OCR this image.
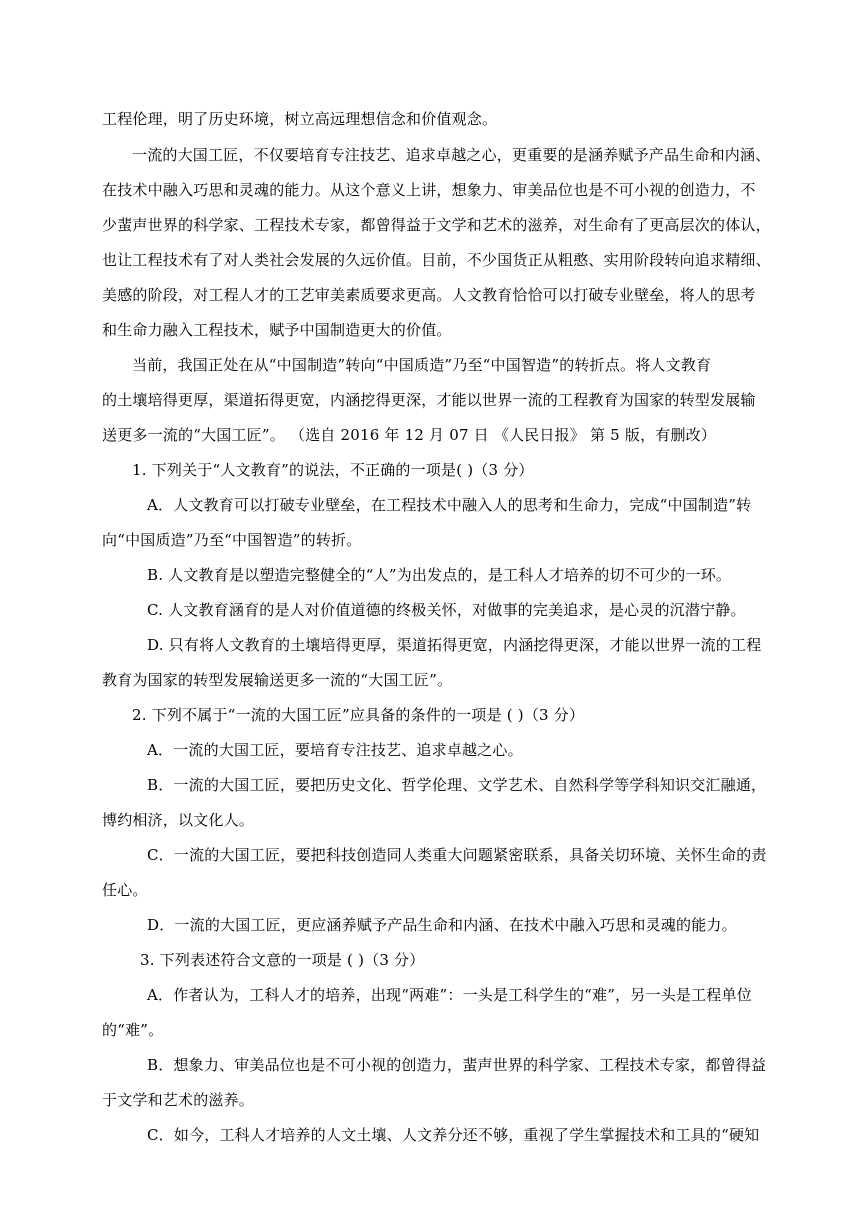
工程伦理，明了历史环境，树立高远理想信念和价值观念。
一流的大国工匠，不仅要培育专注技艺、追求卓越之心，更重要的是涵养赋予产品生命和内涵、
在技术中融入巧思和灵魂的能力。从这个意义上讲，想象力、审美品位也是不可小视的创造力，不
少蜚声世界的科学家、工程技术专家，都曾得益于文学和艺术的滋养，对生命有了更高层次的体认，
也让工程技术有了对人类社会发展的久远价值。目前，不少国货正从粗憨、实用阶段转向追求精细、
美感的阶段，对工程人才的工艺审美素质要求更高。人文教育恰恰可以打破专业壁垒，将人的思考
和生命力融入工程技术，赋予中国制造更大的价值。
当前，我国正处在从“中国制造”转向“中国质造”乃至“中国智造”的转折点。将人文教育
的土壤培得更厚，渠道拓得更宽，内涵挖得更深，才能以世界一流的工程教育为国家的转型发展输
送更多一流的“大国工匠”。 （选自 2016 年 12 月 07 日 《人民日报》 第 5 版，有删改）
1. 下列关于“人文教育”的说法，不正确的一项是( )（3 分）
A．人文教育可以打破专业壁垒，在工程技术中融入人的思考和生命力，完成“中国制造”转
向“中国质造”乃至“中国智造”的转折。
B. 人文教育是以塑造完整健全的“人”为出发点的，是工科人才培养的切不可少的一环。
C. 人文教育涵育的是人对价值道德的终极关怀，对做事的完美追求，是心灵的沉潜宁静。
D. 只有将人文教育的土壤培得更厚，渠道拓得更宽，内涵挖得更深，才能以世界一流的工程
教育为国家的转型发展输送更多一流的“大国工匠”。
2. 下列不属于“一流的大国工匠”应具备的条件的一项是 ( )（3 分）
A．一流的大国工匠，要培育专注技艺、追求卓越之心。
B．一流的大国工匠，要把历史文化、哲学伦理、文学艺术、自然科学等学科知识交汇融通，
博约相济，以文化人。
C．一流的大国工匠，要把科技创造同人类重大问题紧密联系，具备关切环境、关怀生命的责
任心。
D．一流的大国工匠，更应涵养赋予产品生命和内涵、在技术中融入巧思和灵魂的能力。
3. 下列表述符合文意的一项是 ( )（3 分）
A．作者认为，工科人才的培养，出现“两难”：一头是工科学生的“难”，另一头是工程单位
的“难”。
B．想象力、审美品位也是不可小视的创造力，蜚声世界的科学家、工程技术专家，都曾得益
于文学和艺术的滋养。
C．如今，工科人才培养的人文土壤、人文养分还不够，重视了学生掌握技术和工具的“硬知
